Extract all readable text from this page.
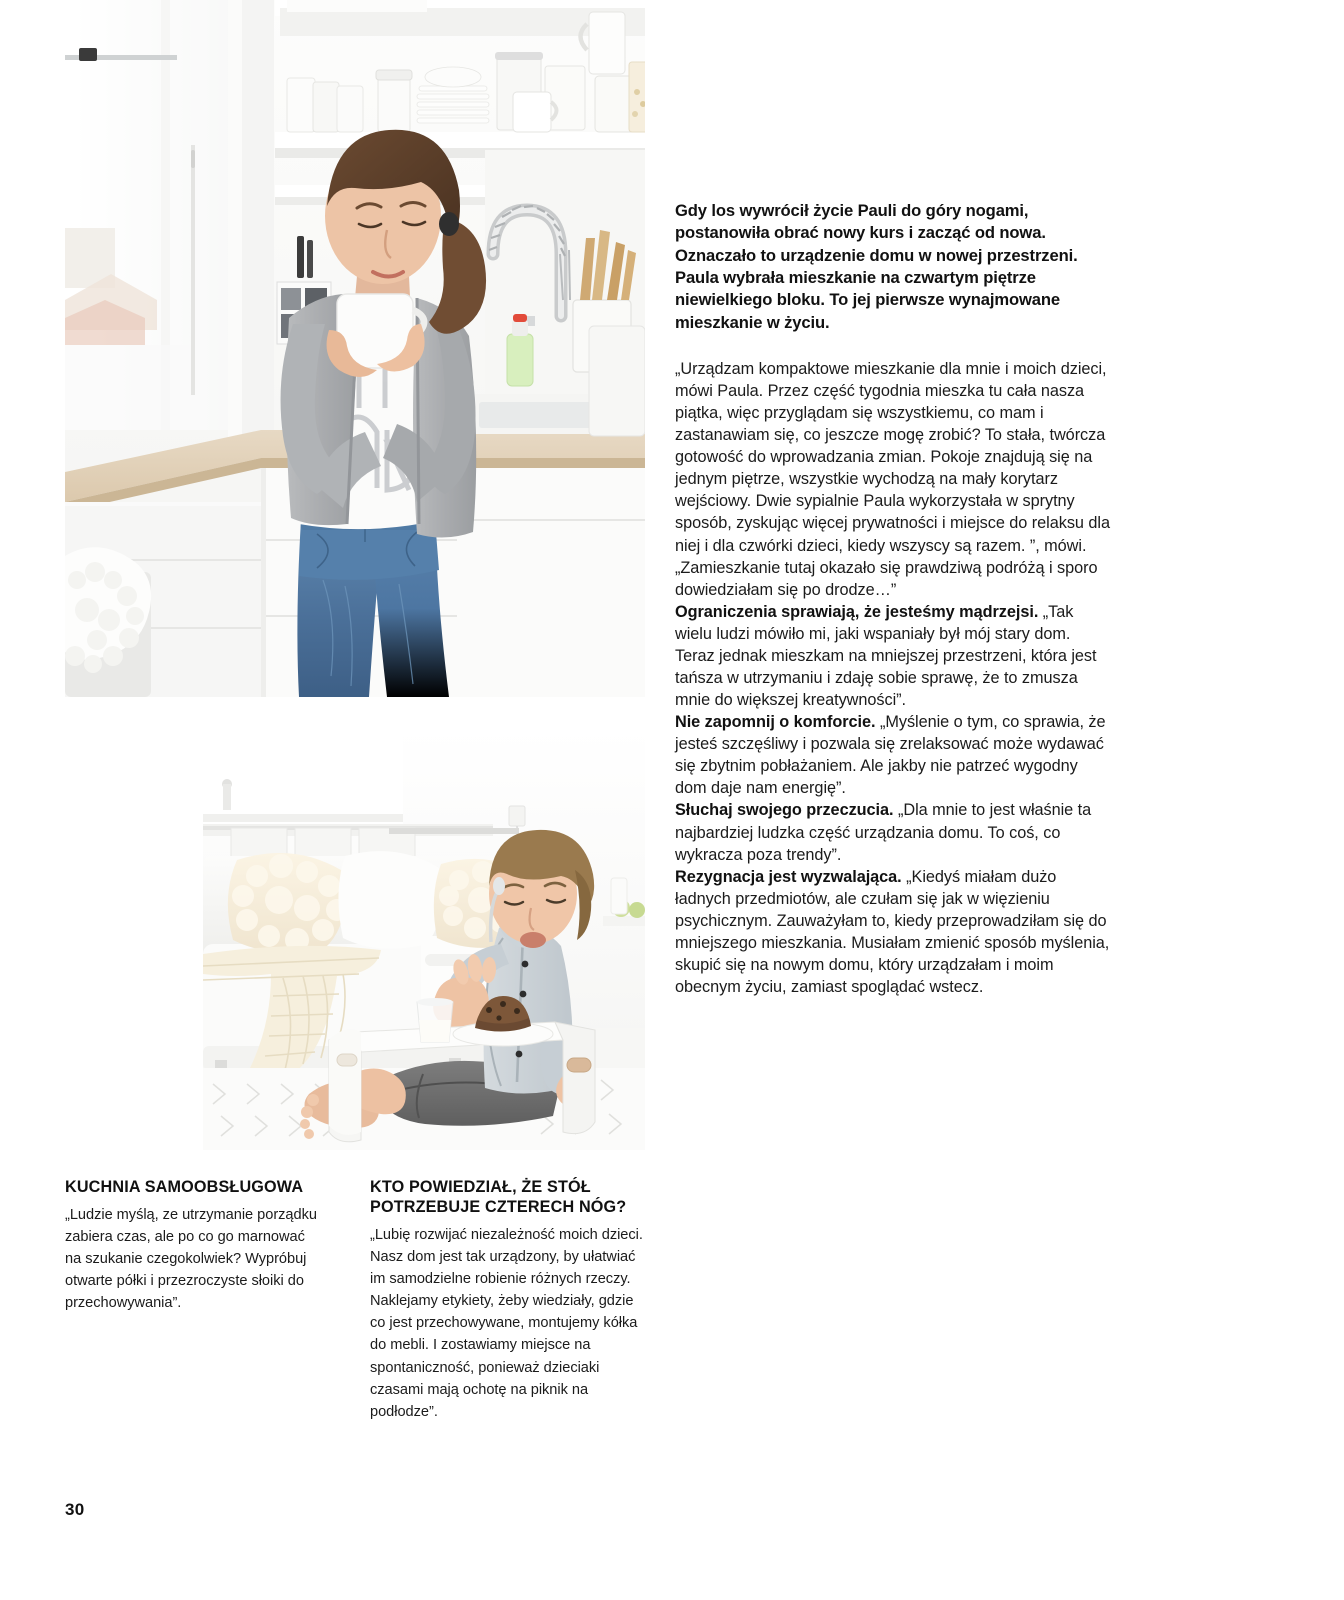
Gdy los wywrócił życie Pauli do góry nogami, postanowiła obrać nowy kurs i zacząć od nowa. Oznaczało to urządzenie domu w nowej przestrzeni. Paula wybrała mieszkanie na czwartym piętrze niewielkiego bloku. To jej pierwsze wynajmowane mieszkanie w życiu.

„Urządzam kompaktowe mieszkanie dla mnie i moich dzieci, mówi Paula. Przez część tygodnia mieszka tu cała nasza piątka, więc przyglądam się wszystkiemu, co mam i zastanawiam się, co jeszcze mogę zrobić? To stała, twórcza gotowość do wprowadzania zmian. Pokoje znajdują się na jednym piętrze, wszystkie wychodzą na mały korytarz wejściowy. Dwie sypialnie Paula wykorzystała w sprytny sposób, zyskując więcej prywatności i miejsce do relaksu dla niej i dla czwórki dzieci, kiedy wszyscy są razem. ”, mówi. „Zamieszkanie tutaj okazało się prawdziwą podróżą i sporo dowiedziałam się po drodze…”
Ograniczenia sprawiają, że jesteśmy mądrzejsi. „Tak wielu ludzi mówiło mi, jaki wspaniały był mój stary dom. Teraz jednak mieszkam na mniejszej przestrzeni, która jest tańsza w utrzymaniu i zdaję sobie sprawę, że to zmusza mnie do większej kreatywności”.
Nie zapomnij o komforcie. „Myślenie o tym, co sprawia, że jesteś szczęśliwy i pozwala się zrelaksować może wydawać się zbytnim pobłażaniem. Ale jakby nie patrzeć wygodny dom daje nam energię”.
Słuchaj swojego przeczucia. „Dla mnie to jest właśnie ta najbardziej ludzka część urządzania domu. To coś, co wykracza poza trendy”.
Rezygnacja jest wyzwalająca. „Kiedyś miałam dużo ładnych przedmiotów, ale czułam się jak w więzieniu psychicznym. Zauważyłam to, kiedy przeprowadziłam się do mniejszego mieszkania. Musiałam zmienić sposób myślenia, skupić się na nowym domu, który urządzałam i moim obecnym życiu, zamiast spoglądać wstecz.

KUCHNIA SAMOOBSŁUGOWA

„Ludzie myślą, ze utrzymanie porządku zabiera czas, ale po co go marnować na szukanie czegokolwiek? Wypróbuj otwarte półki i przezroczyste słoiki do przechowywania”.

KTO POWIEDZIAŁ, ŻE STÓŁ POTRZEBUJE CZTERECH NÓG?

„Lubię rozwijać niezależność moich dzieci. Nasz dom jest tak urządzony, by ułatwiać im samodzielne robienie różnych rzeczy. Naklejamy etykiety, żeby wiedziały, gdzie co jest przechowywane, montujemy kółka do mebli. I zostawiamy miejsce na spontaniczność, ponieważ dzieciaki czasami mają ochotę na piknik na podłodze”.

30
